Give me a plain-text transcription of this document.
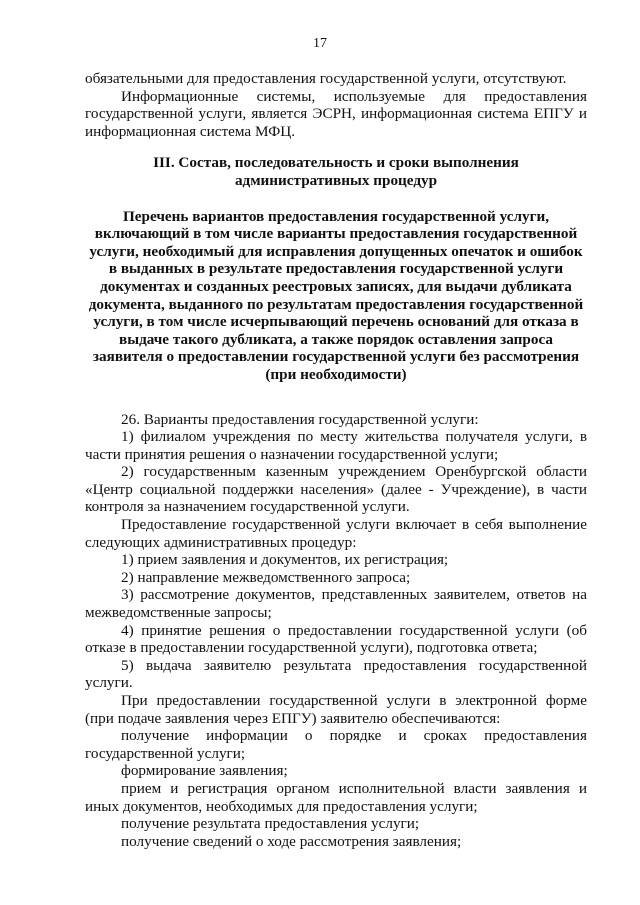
17

обязательными для предоставления государственной услуги, отсутствуют.

Информационные системы, используемые для предоставления государственной услуги, является ЭСРН, информационная система ЕПГУ и информационная система МФЦ.

III. Состав, последовательность и сроки выполнения административных процедур

Перечень вариантов предоставления государственной услуги, включающий в том числе варианты предоставления государственной услуги, необходимый для исправления допущенных опечаток и ошибок в выданных в результате предоставления государственной услуги документах и созданных реестровых записях, для выдачи дубликата документа, выданного по результатам предоставления государственной услуги, в том числе исчерпывающий перечень оснований для отказа в выдаче такого дубликата, а также порядок оставления запроса заявителя о предоставлении государственной услуги без рассмотрения (при необходимости)

26. Варианты предоставления государственной услуги:

1) филиалом учреждения по месту жительства получателя услуги, в части принятия решения о назначении государственной услуги;

2) государственным казенным учреждением Оренбургской области «Центр социальной поддержки населения» (далее - Учреждение), в части контроля за назначением государственной услуги.

Предоставление государственной услуги включает в себя выполнение следующих административных процедур:

1) прием заявления и документов, их регистрация;

2) направление межведомственного запроса;

3) рассмотрение документов, представленных заявителем, ответов на межведомственные запросы;

4) принятие решения о предоставлении государственной услуги (об отказе в предоставлении государственной услуги), подготовка ответа;

5) выдача заявителю результата предоставления государственной услуги.

При предоставлении государственной услуги в электронной форме (при подаче заявления через ЕПГУ) заявителю обеспечиваются:

получение информации о порядке и сроках предоставления государственной услуги;

формирование заявления;

прием и регистрация органом исполнительной власти заявления и иных документов, необходимых для предоставления услуги;

получение результата предоставления услуги;

получение сведений о ходе рассмотрения заявления;
